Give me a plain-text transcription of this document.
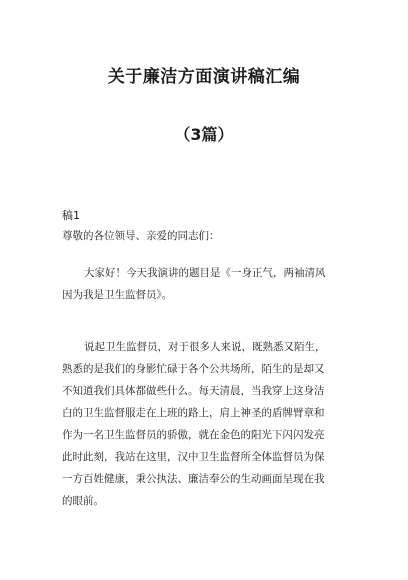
关于廉洁方面演讲稿汇编
（3篇）
稿1
尊敬的各位领导、亲爱的同志们：
大家好！今天我演讲的题目是《一身正气，两袖清风
因为我是卫生监督员》。
说起卫生监督员，对于很多人来说，既熟悉又陌生，
熟悉的是我们的身影忙碌于各个公共场所，陌生的是却又
不知道我们具体都做些什么。每天清晨，当我穿上这身洁
白的卫生监督服走在上班的路上，肩上神圣的盾牌臂章和
作为一名卫生监督员的骄傲，就在金色的阳光下闪闪发亮
此时此刻，我站在这里，汉中卫生监督所全体监督员为保
一方百姓健康，秉公执法、廉洁奉公的生动画面呈现在我
的眼前。
